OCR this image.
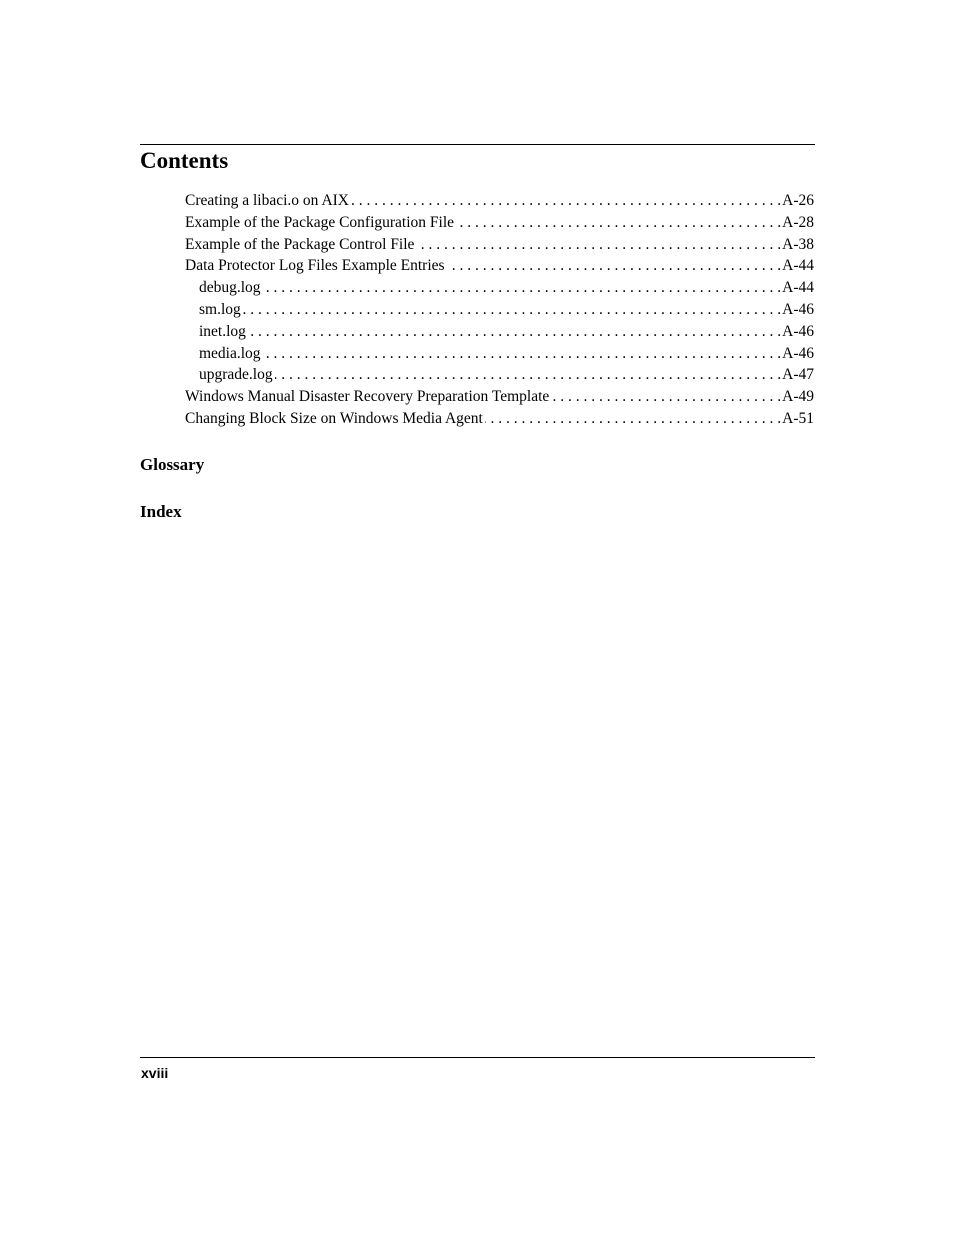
Contents
Creating a libaci.o on AIX . . .	A-26
Example of the Package Configuration File . . .	A-28
Example of the Package Control File . . .	A-38
Data Protector Log Files Example Entries . . .	A-44
debug.log . . .	A-44
sm.log . . .	A-46
inet.log . . .	A-46
media.log . . .	A-46
upgrade.log . . .	A-47
Windows Manual Disaster Recovery Preparation Template . . .	A-49
Changing Block Size on Windows Media Agent . . .	A-51
Glossary
Index
xviii
